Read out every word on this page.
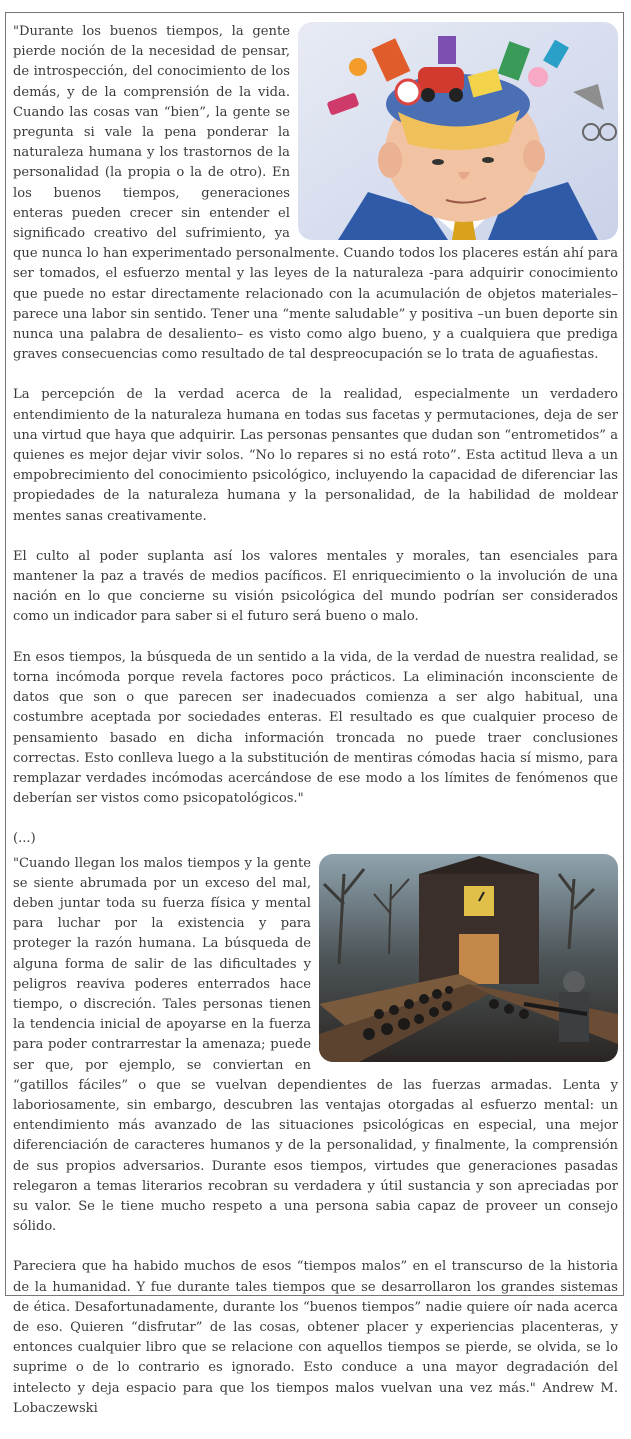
"Durante los buenos tiempos, la gente pierde noción de la necesidad de pensar, de introspección, del conocimiento de los demás, y de la comprensión de la vida. Cuando las cosas van “bien”, la gente se pregunta si vale la pena ponderar la naturaleza humana y los trastornos de la personalidad (la propia o la de otro). En los buenos tiempos, generaciones enteras pueden crecer sin entender el significado creativo del sufrimiento, ya que nunca lo han experimentado personalmente. Cuando todos los placeres están ahí para ser tomados, el esfuerzo mental y las leyes de la naturaleza -para adquirir conocimiento que puede no estar directamente relacionado con la acumulación de objetos materiales– parece una labor sin sentido. Tener una “mente saludable” y positiva –un buen deporte sin nunca una palabra de desaliento– es visto como algo bueno, y a cualquiera que prediga graves consecuencias como resultado de tal despreocupación se lo trata de aguafiestas.

La percepción de la verdad acerca de la realidad, especialmente un verdadero entendimiento de la naturaleza humana en todas sus facetas y permutaciones, deja de ser una virtud que haya que adquirir. Las personas pensantes que dudan son “entrometidos” a quienes es mejor dejar vivir solos. “No lo repares si no está roto”. Esta actitud lleva a un empobrecimiento del conocimiento psicológico, incluyendo la capacidad de diferenciar las propiedades de la naturaleza humana y la personalidad, de la habilidad de moldear mentes sanas creativamente.

El culto al poder suplanta así los valores mentales y morales, tan esenciales para mantener la paz a través de medios pacíficos. El enriquecimiento o la involución de una nación en lo que concierne su visión psicológica del mundo podrían ser considerados como un indicador para saber si el futuro será bueno o malo.

En esos tiempos, la búsqueda de un sentido a la vida, de la verdad de nuestra realidad, se torna incómoda porque revela factores poco prácticos. La eliminación inconsciente de datos que son o que parecen ser inadecuados comienza a ser algo habitual, una costumbre aceptada por sociedades enteras. El resultado es que cualquier proceso de pensamiento basado en dicha información troncada no puede traer conclusiones correctas. Esto conlleva luego a la substitución de mentiras cómodas hacia sí mismo, para remplazar verdades incómodas acercándose de ese modo a los límites de fenómenos que deberían ser vistos como psicopatológicos."

(...)

"Cuando llegan los malos tiempos y la gente se siente abrumada por un exceso del mal, deben juntar toda su fuerza física y mental para luchar por la existencia y para proteger la razón humana. La búsqueda de alguna forma de salir de las dificultades y peligros reaviva poderes enterrados hace tiempo, o discreción. Tales personas tienen la tendencia inicial de apoyarse en la fuerza para poder contrarrestar la amenaza; puede ser que, por ejemplo, se conviertan en “gatillos fáciles” o que se vuelvan dependientes de las fuerzas armadas. Lenta y laboriosamente, sin embargo, descubren las ventajas otorgadas al esfuerzo mental: un entendimiento más avanzado de las situaciones psicológicas en especial, una mejor diferenciación de caracteres humanos y de la personalidad, y finalmente, la comprensión de sus propios adversarios. Durante esos tiempos, virtudes que generaciones pasadas relegaron a temas literarios recobran su verdadera y útil sustancia y son apreciadas por su valor. Se le tiene mucho respeto a una persona sabia capaz de proveer un consejo sólido.

Pareciera que ha habido muchos de esos “tiempos malos” en el transcurso de la historia de la humanidad. Y fue durante tales tiempos que se desarrollaron los grandes sistemas de ética. Desafortunadamente, durante los “buenos tiempos” nadie quiere oír nada acerca de eso. Quieren “disfrutar” de las cosas, obtener placer y experiencias placenteras, y entonces cualquier libro que se relacione con aquellos tiempos se pierde, se olvida, se lo suprime o de lo contrario es ignorado. Esto conduce a una mayor degradación del intelecto y deja espacio para que los tiempos malos vuelvan una vez más." Andrew M. Lobaczewski
